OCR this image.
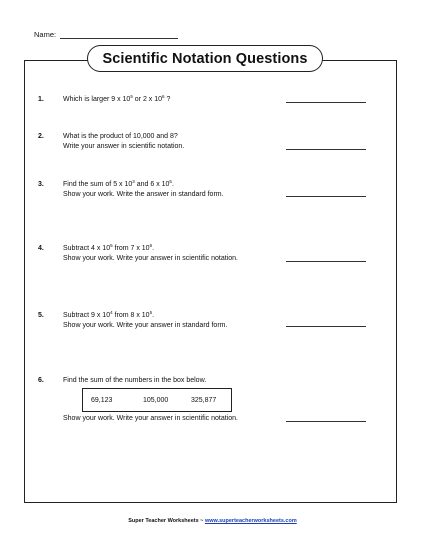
Name:
Scientific Notation Questions
1.	Which is larger 9 x $10^5$ or 2 x $10^6$ ?
2.	What is the product of 10,000 and 8?
Write your answer in scientific notation.
3.	Find the sum of 5 x $10^3$ and 6 x $10^5$.
Show your work. Write the answer in standard form.
4.	Subtract 4 x $10^5$ from 7 x $10^6$.
Show your work. Write your answer in scientific notation.
5.	Subtract 9 x $10^4$ from 8 x $10^5$.
Show your work. Write your answer in standard form.
6.	Find the sum of the numbers in the box below.
69,123	105,000	325,877
Show your work. Write your answer in scientific notation.
Super Teacher Worksheets ~ www.superteacherworksheets.com
